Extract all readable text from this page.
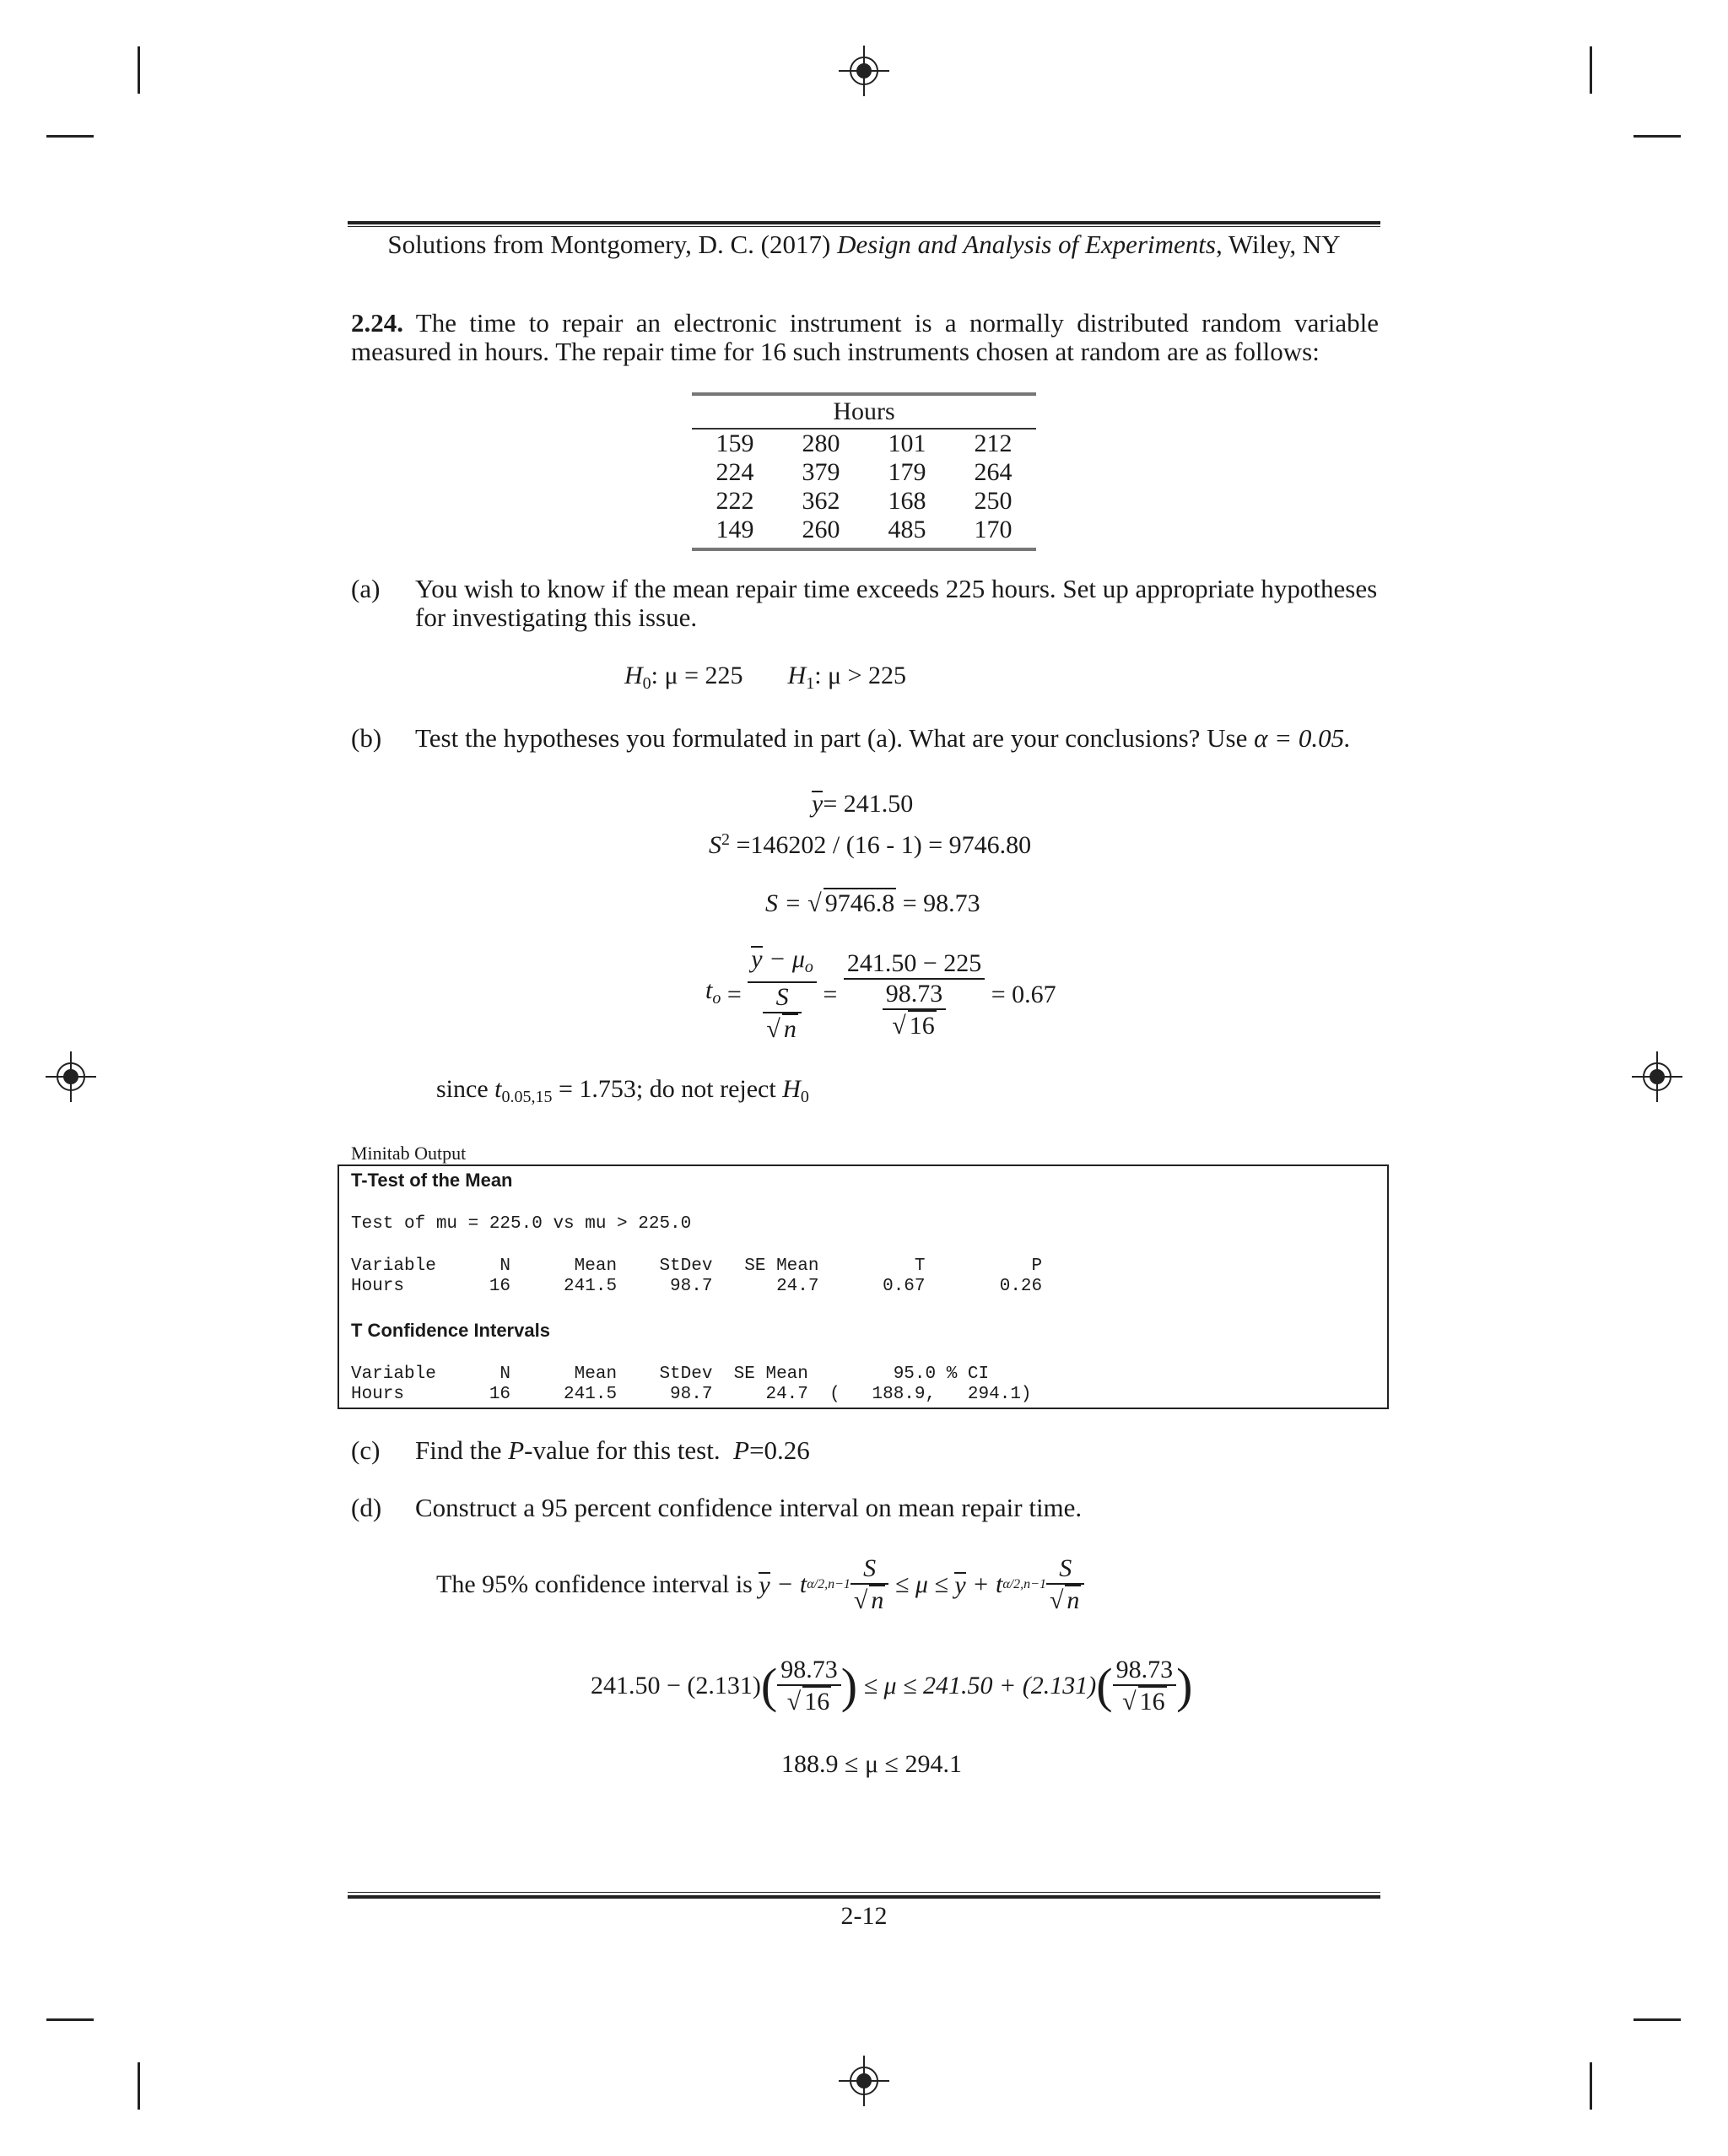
Solutions from Montgomery, D. C. (2017) Design and Analysis of Experiments, Wiley, NY
2.24. The time to repair an electronic instrument is a normally distributed random variable
measured in hours. The repair time for 16 such instruments chosen at random are as follows:
Hours
159	280	101	212
224	379	179	264
222	362	168	250
149	260	485	170
(a) You wish to know if the mean repair time exceeds 225 hours. Set up appropriate hypotheses
for investigating this issue.
$H_0$: μ = 225 $H_1$: μ > 225
(b) Test the hypotheses you formulated in part (a). What are your conclusions? Use α = 0.05.
y= 241.50
$S^2 =146202 / (16 - 1) = 9746.80$
S = √ 9746.8 = 98.73
$t_o = \frac{y - \mu_o}{\frac{S}{√ n}} = \frac{241.50 - 225}{\frac{98.73}{√ 16}} = 0.67$
since $t_{0.05,15} = 1.753$; do not reject $H_0$
Minitab Output
T-Test of the Mean
Test of mu = 225.0 vs mu > 225.0
Variable      N      Mean    StDev   SE Mean         T          P
Hours        16     241.5     98.7      24.7      0.67       0.26
T Confidence Intervals
Variable      N      Mean    StDev  SE Mean        95.0 % CI
Hours        16     241.5     98.7     24.7  (   188.9,   294.1)
(c) Find the P-value for this test.  P=0.26
(d) Construct a 95 percent confidence interval on mean repair time.
The 95% confidence interval is y − t $\alpha/2,n-1 \frac{S}{√ n} \le \mu \le y + t$ $\alpha/2,n-1 \frac{S}{√ n}$
241.50 − (2.131) ( $\frac{98.73}{√ 16}$ ) ≤ μ ≤ 241.50 + (2.131) ( $\frac{98.73}{√ 16}$ )
188.9 ≤ μ ≤ 294.1
2-12
